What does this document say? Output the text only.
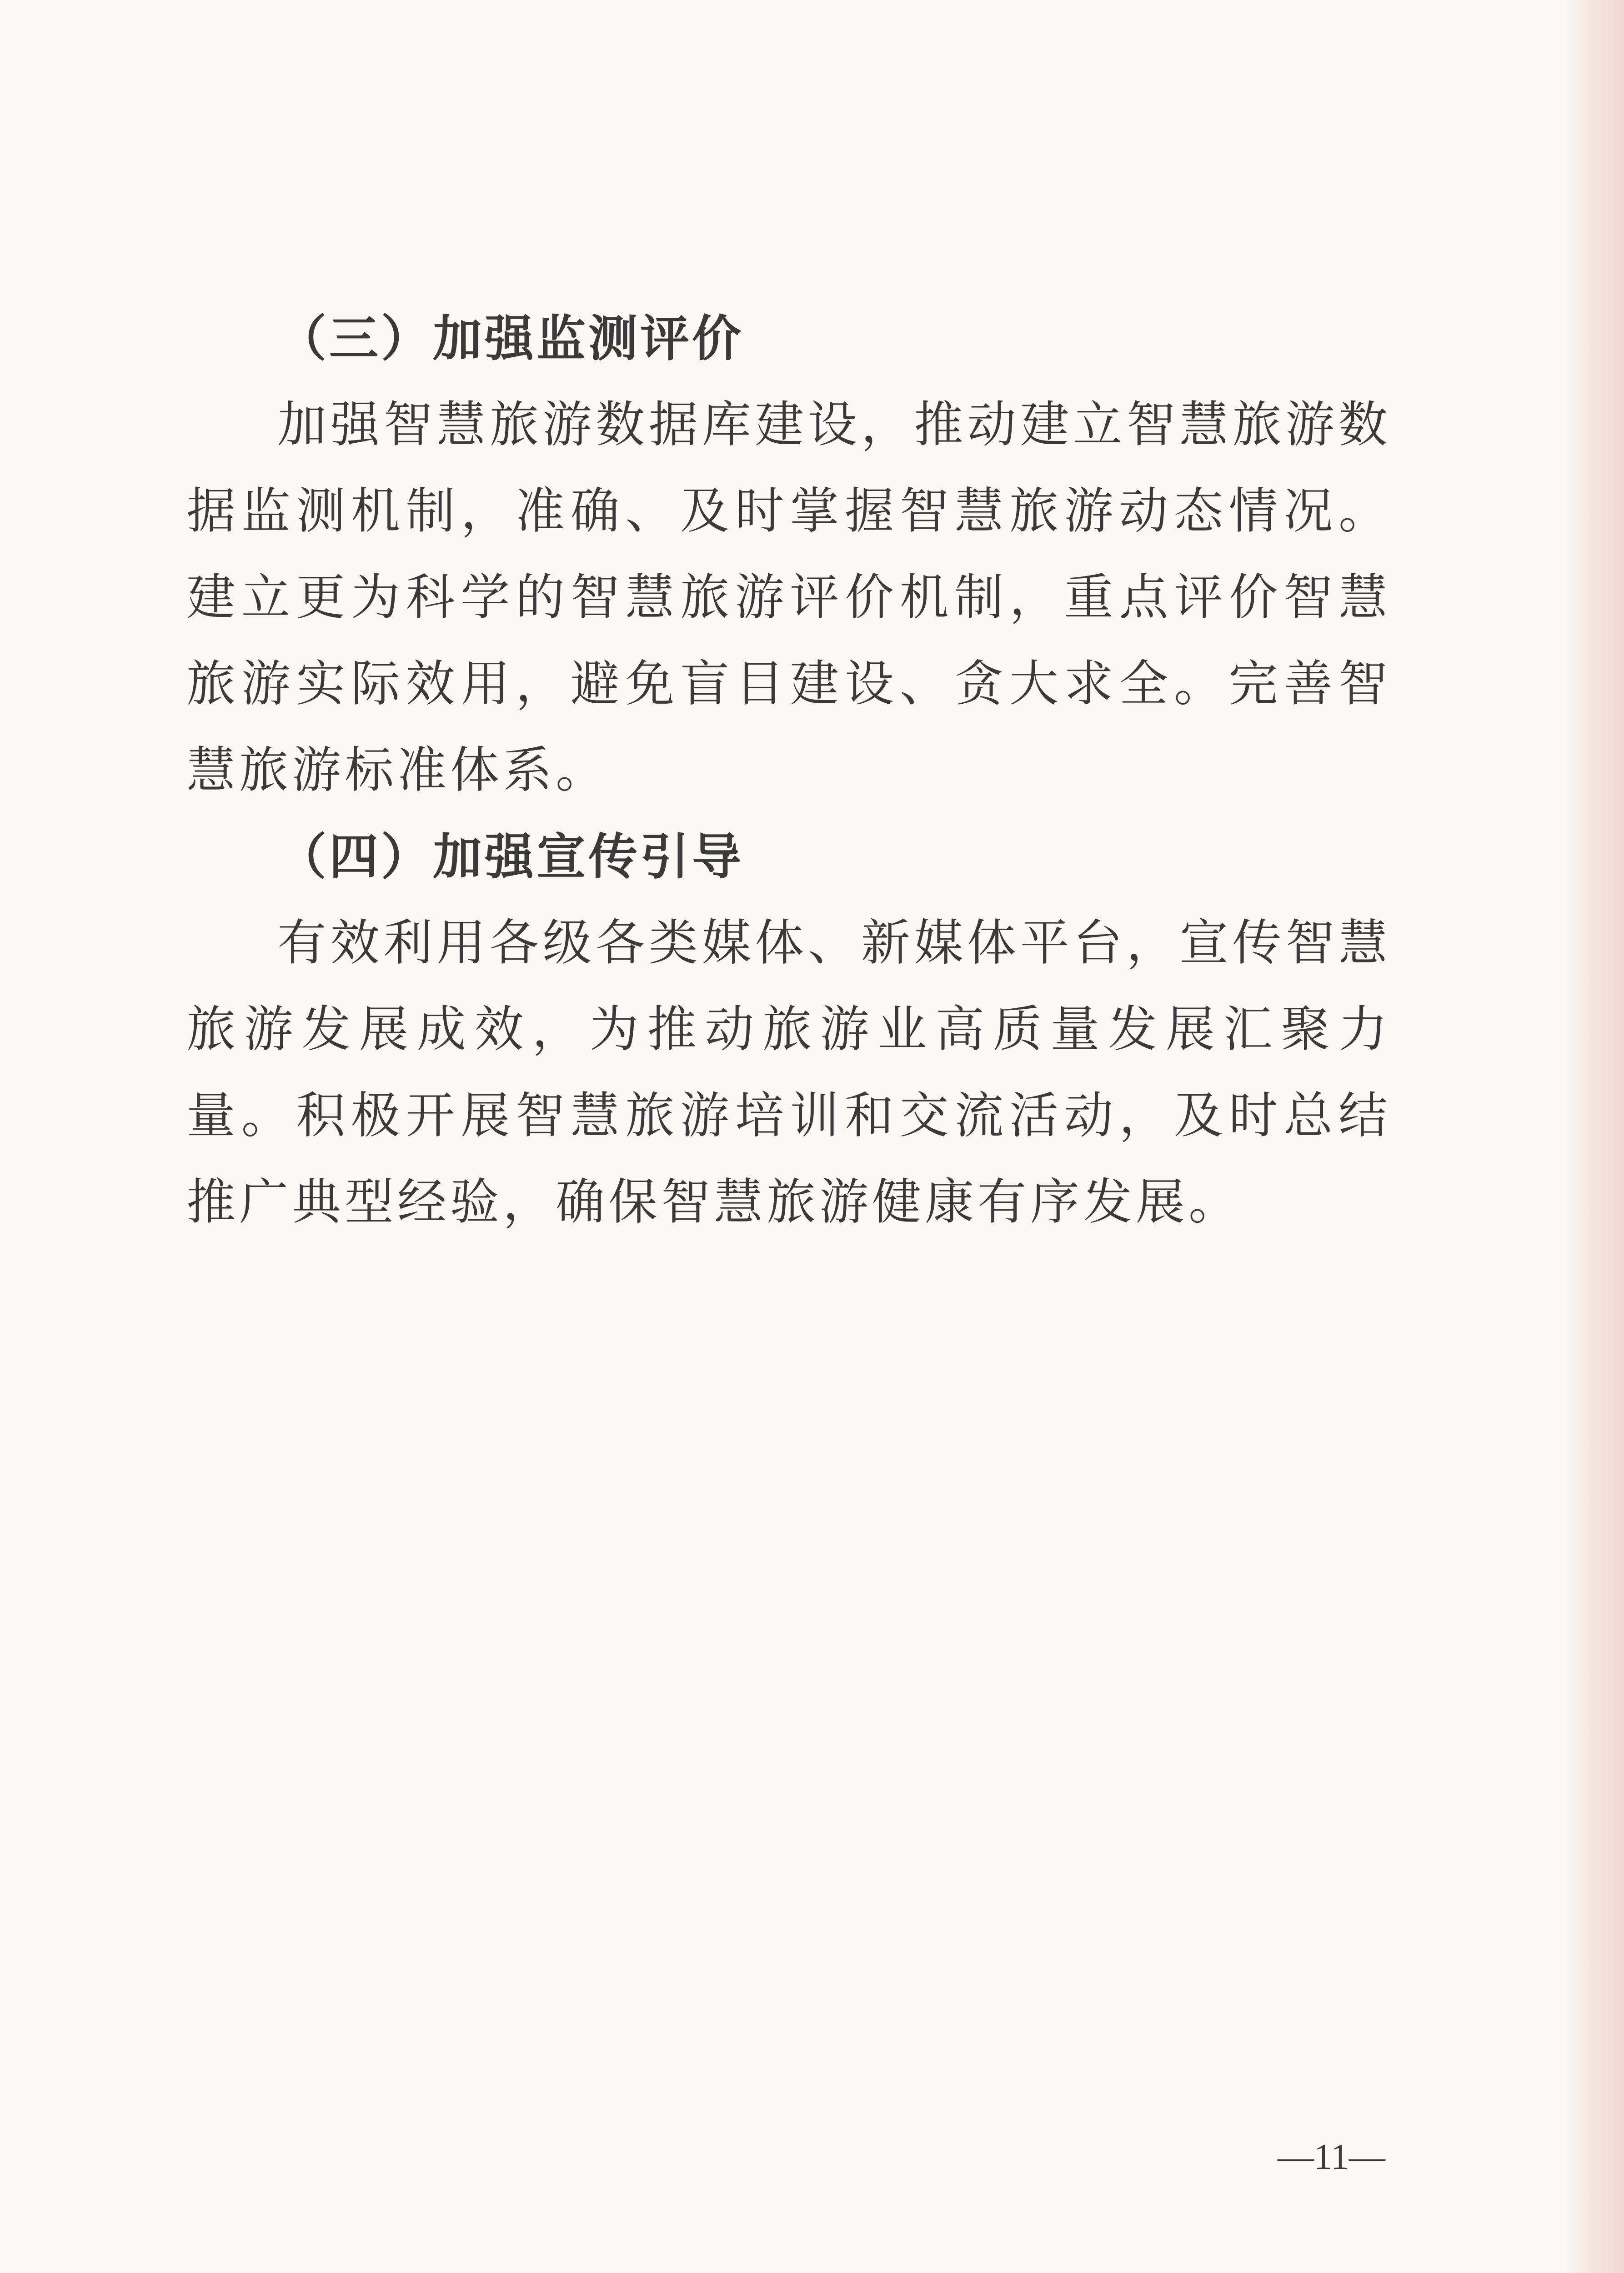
（三）加强监测评价

加强智慧旅游数据库建设，推动建立智慧旅游数据监测机制，准确、及时掌握智慧旅游动态情况。建立更为科学的智慧旅游评价机制，重点评价智慧旅游实际效用，避免盲目建设、贪大求全。完善智慧旅游标准体系。

（四）加强宣传引导

有效利用各级各类媒体、新媒体平台，宣传智慧旅游发展成效，为推动旅游业高质量发展汇聚力量。积极开展智慧旅游培训和交流活动，及时总结推广典型经验，确保智慧旅游健康有序发展。

—11—
